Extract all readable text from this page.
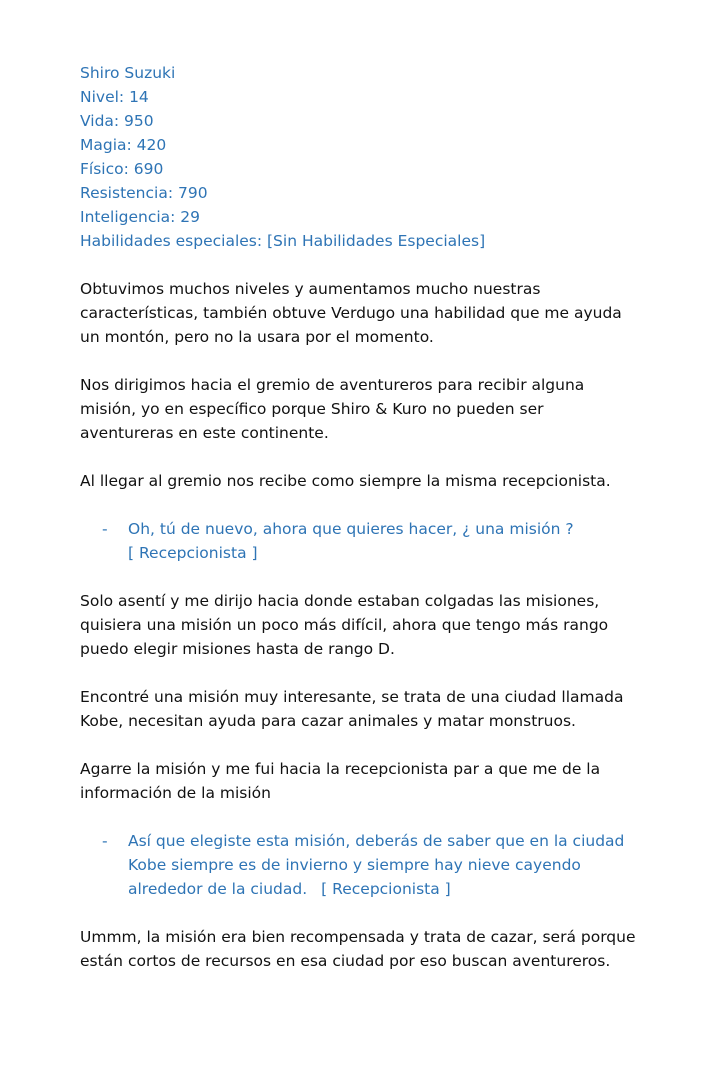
Shiro Suzuki
Nivel: 14
Vida: 950
Magia: 420
Físico: 690
Resistencia: 790
Inteligencia: 29
Habilidades especiales: [Sin Habilidades Especiales]

Obtuvimos muchos niveles y aumentamos mucho nuestras características, también obtuve Verdugo una habilidad que me ayuda un montón, pero no la usara por el momento.

Nos dirigimos hacia el gremio de aventureros para recibir alguna misión, yo en específico porque Shiro & Kuro no pueden ser aventureras en este continente.

Al llegar al gremio nos recibe como siempre la misma recepcionista.

- Oh, tú de nuevo, ahora que quieres hacer, ¿ una misión ?
[ Recepcionista ]

Solo asentí y me dirijo hacia donde estaban colgadas las misiones, quisiera una misión un poco más difícil, ahora que tengo más rango puedo elegir misiones hasta de rango D.

Encontré una misión muy interesante, se trata de una ciudad llamada Kobe, necesitan ayuda para cazar animales y matar monstruos.

Agarre la misión y me fui hacia la recepcionista par a que me de la información de la misión

- Así que elegiste esta misión, deberás de saber que en la ciudad Kobe siempre es de invierno y siempre hay nieve cayendo alrededor de la ciudad. [ Recepcionista ]

Ummm, la misión era bien recompensada y trata de cazar, será porque están cortos de recursos en esa ciudad por eso buscan aventureros.
